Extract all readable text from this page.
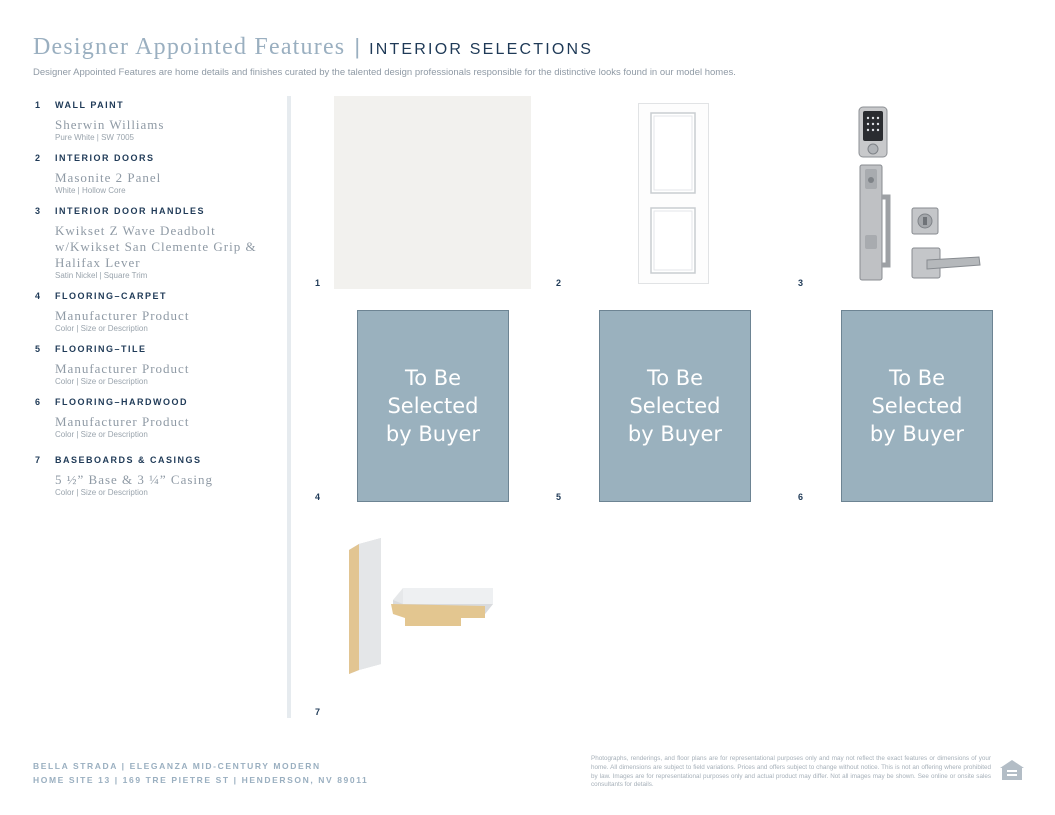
Designer Appointed Features | INTERIOR SELECTIONS
Designer Appointed Features are home details and finishes curated by the talented design professionals responsible for the distinctive looks found in our model homes.
1 WALL PAINT
Sherwin Williams
Pure White | SW 7005
2 INTERIOR DOORS
Masonite 2 Panel
White | Hollow Core
3 INTERIOR DOOR HANDLES
Kwikset Z Wave Deadbolt w/Kwikset San Clemente Grip & Halifax Lever
Satin Nickel | Square Trim
4 FLOORING–CARPET
Manufacturer Product
Color | Size or Description
5 FLOORING–TILE
Manufacturer Product
Color | Size or Description
6 FLOORING–HARDWOOD
Manufacturer Product
Color | Size or Description
7 BASEBOARDS & CASINGS
5 ½” Base & 3 ¼” Casing
Color | Size or Description
1	2	3
To Be
Selected
by Buyer
4
To Be
Selected
by Buyer
5
To Be
Selected
by Buyer
6
7
BELLA STRADA | ELEGANZA MID-CENTURY MODERN
HOME SITE 13 | 169 TRE PIETRE ST | HENDERSON, NV 89011
Photographs, renderings, and floor plans are for representational purposes only and may not reflect the exact features or dimensions of your home. All dimensions are subject to field variations. Prices and offers subject to change without notice. This is not an offering where prohibited by law. Images are for representational purposes only and actual product may differ. Not all images may be shown. See online or onsite sales consultants for details.
